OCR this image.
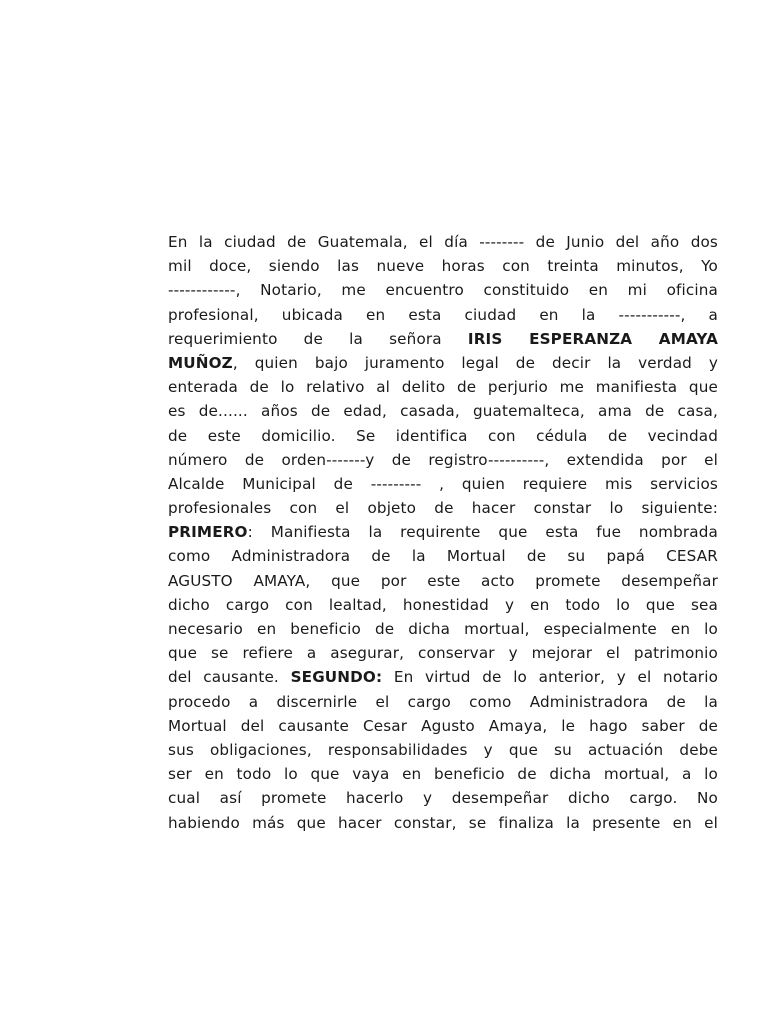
En la ciudad de Guatemala, el día -------- de Junio del año dos
mil doce, siendo las nueve horas con treinta minutos, Yo
------------, Notario, me encuentro constituido en mi oficina
profesional, ubicada en esta ciudad en la -----------, a
requerimiento de la señora IRIS ESPERANZA AMAYA
MUÑOZ, quien bajo juramento legal de decir la verdad y
enterada de lo relativo al delito de perjurio me manifiesta que
es de...... años de edad, casada, guatemalteca, ama de casa,
de este domicilio. Se identifica con cédula de vecindad
número de orden-------y de registro----------, extendida por el
Alcalde Municipal de --------- , quien requiere mis servicios
profesionales con el objeto de hacer constar lo siguiente:
PRIMERO: Manifiesta la requirente que esta fue nombrada
como Administradora de la Mortual de su papá CESAR
AGUSTO AMAYA, que por este acto promete desempeñar
dicho cargo con lealtad, honestidad y en todo lo que sea
necesario en beneficio de dicha mortual, especialmente en lo
que se refiere a asegurar, conservar y mejorar el patrimonio
del causante. SEGUNDO: En virtud de lo anterior, y el notario
procedo a discernirle el cargo como Administradora de la
Mortual del causante Cesar Agusto Amaya, le hago saber de
sus obligaciones, responsabilidades y que su actuación debe
ser en todo lo que vaya en beneficio de dicha mortual, a lo
cual así promete hacerlo y desempeñar dicho cargo. No
habiendo más que hacer constar, se finaliza la presente en el
